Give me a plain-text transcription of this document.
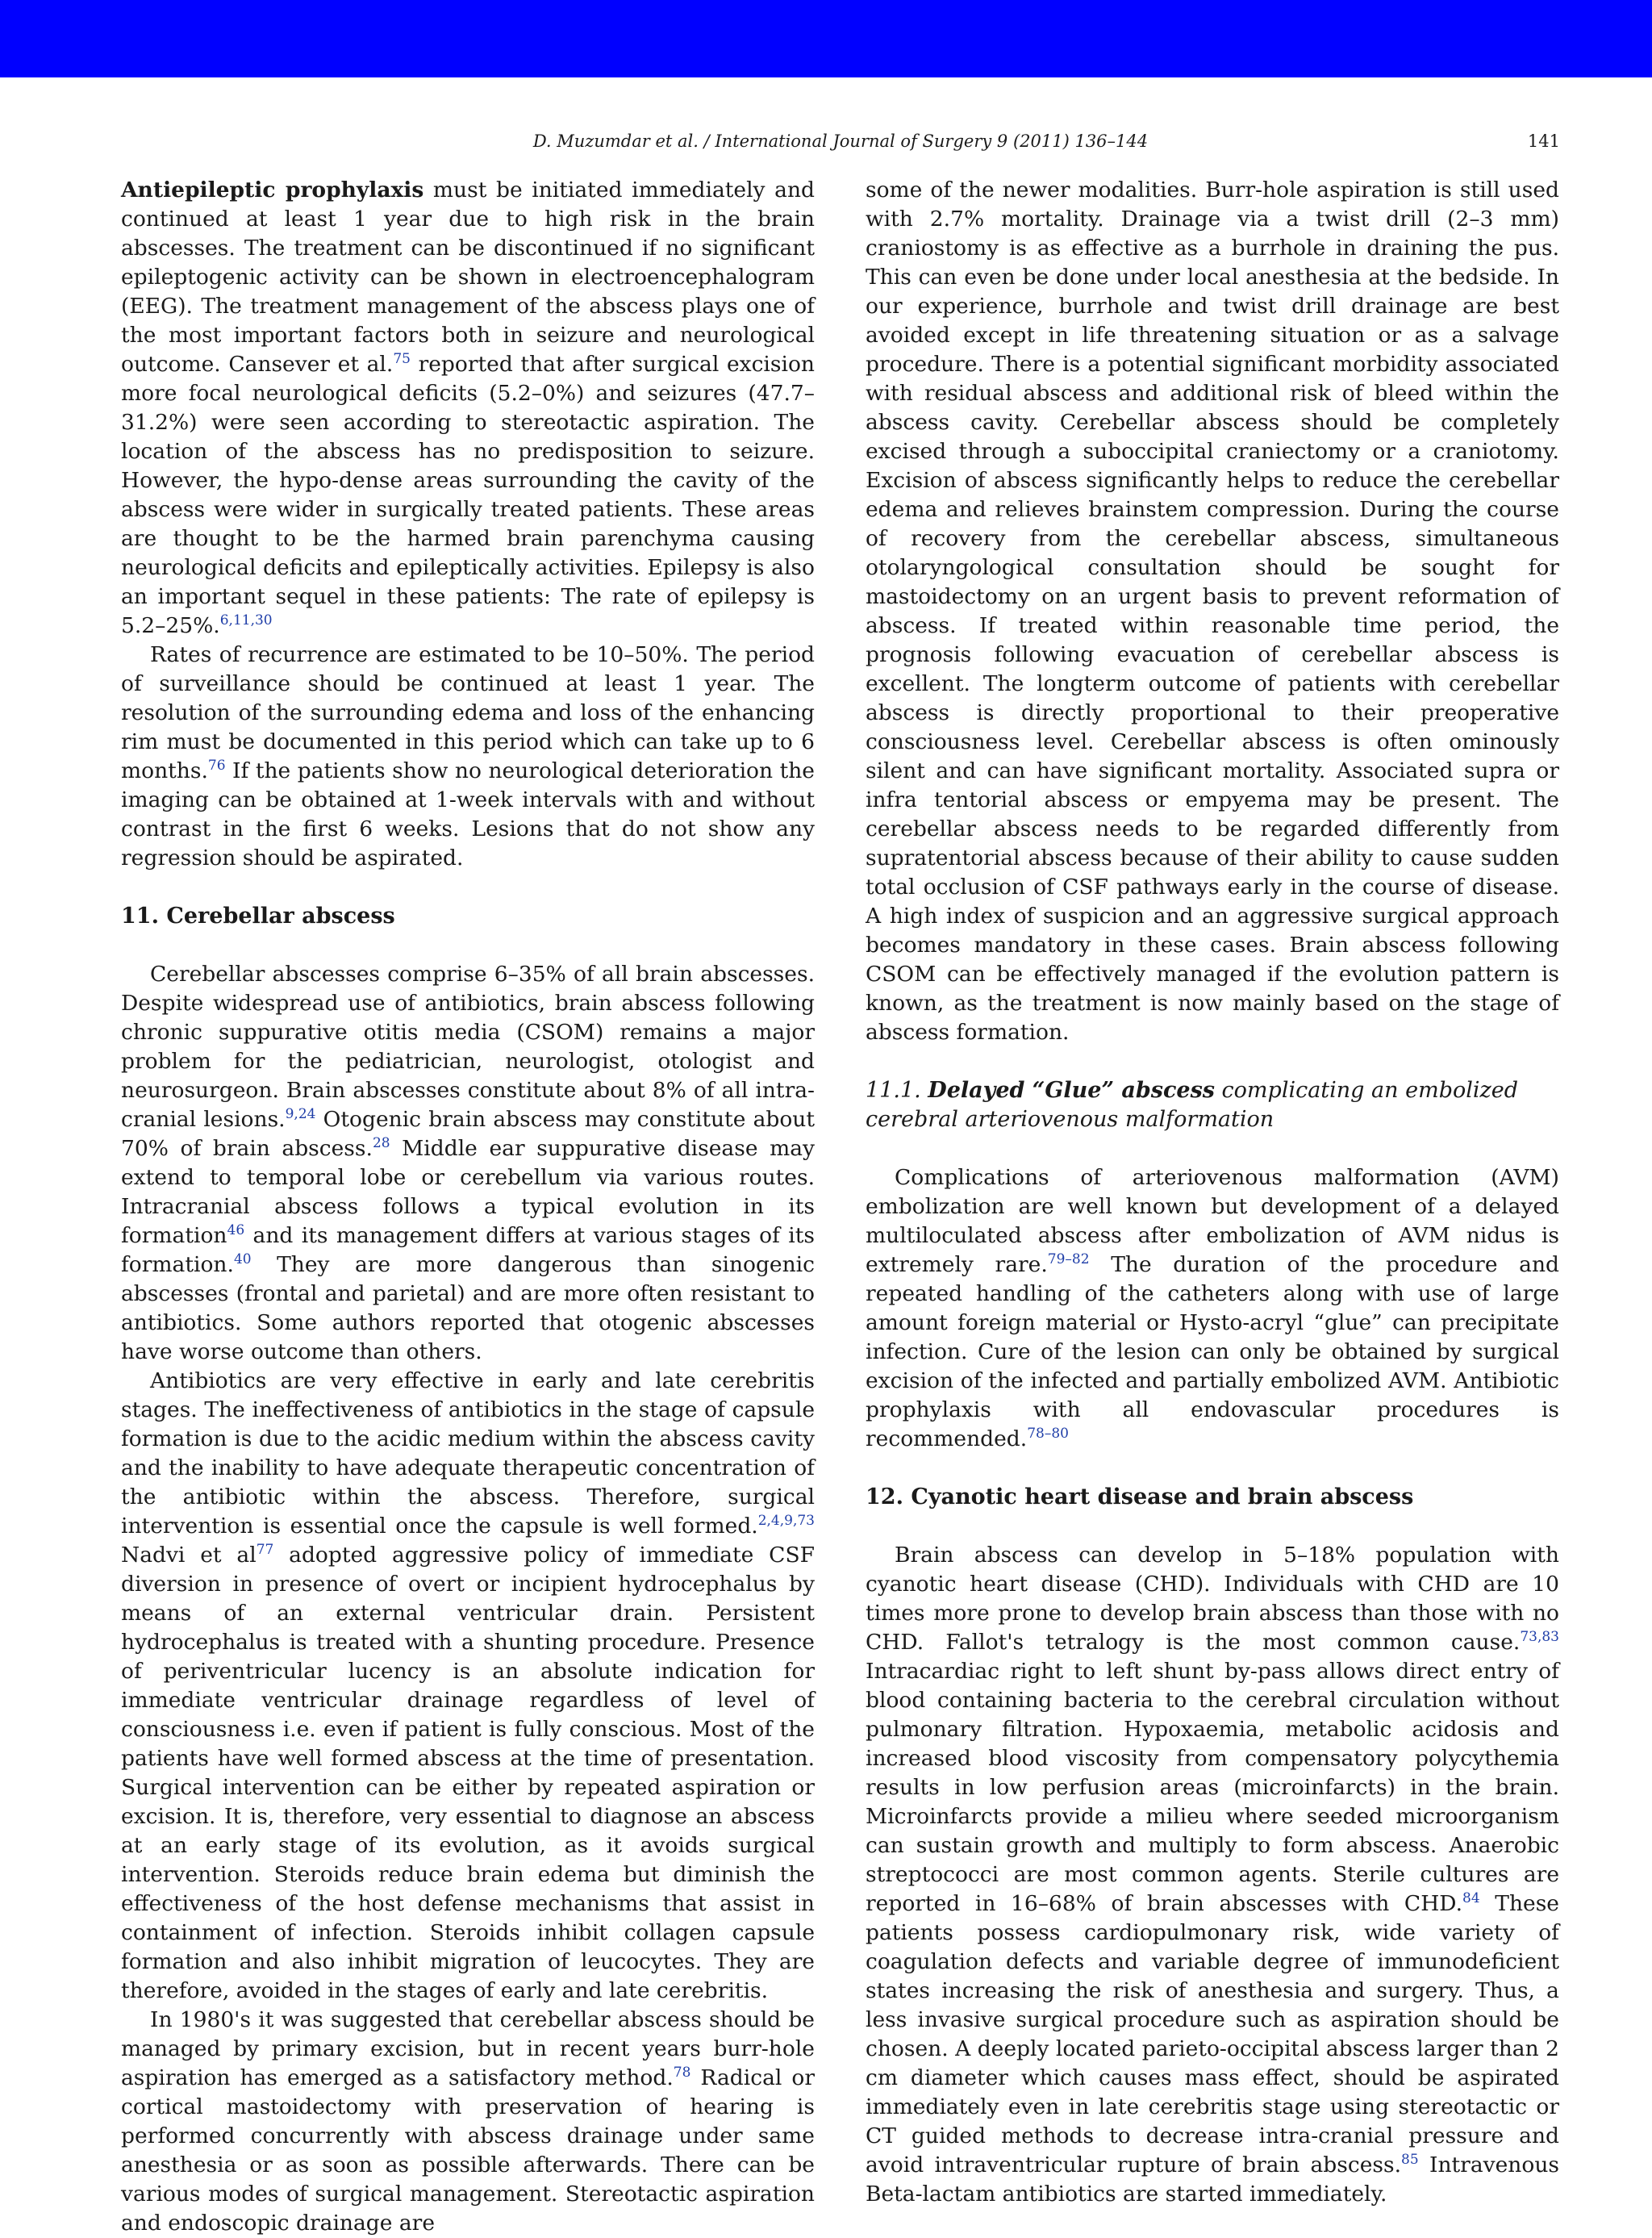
D. Muzumdar et al. / International Journal of Surgery 9 (2011) 136–144	141

Antiepileptic prophylaxis must be initiated immediately and continued at least 1 year due to high risk in the brain abscesses. The treatment can be discontinued if no significant epileptogenic activity can be shown in electroencephalogram (EEG). The treatment management of the abscess plays one of the most important factors both in seizure and neurological outcome. Cansever et al.$^{75}$ reported that after surgical excision more focal neurological deficits (5.2–0%) and seizures (47.7–31.2%) were seen according to stereotactic aspiration. The location of the abscess has no predisposition to seizure. However, the hypo-dense areas surrounding the cavity of the abscess were wider in surgically treated patients. These areas are thought to be the harmed brain parenchyma causing neurological deficits and epileptically activities. Epilepsy is also an important sequel in these patients: The rate of epilepsy is 5.2–25%.$^{6,11,30}$

Rates of recurrence are estimated to be 10–50%. The period of surveillance should be continued at least 1 year. The resolution of the surrounding edema and loss of the enhancing rim must be documented in this period which can take up to 6 months.$^{76}$ If the patients show no neurological deterioration the imaging can be obtained at 1-week intervals with and without contrast in the first 6 weeks. Lesions that do not show any regression should be aspirated.

11. Cerebellar abscess

Cerebellar abscesses comprise 6–35% of all brain abscesses. Despite widespread use of antibiotics, brain abscess following chronic suppurative otitis media (CSOM) remains a major problem for the pediatrician, neurologist, otologist and neurosurgeon. Brain abscesses constitute about 8% of all intra-cranial lesions.$^{9,24}$ Otogenic brain abscess may constitute about 70% of brain abscess.$^{28}$ Middle ear suppurative disease may extend to temporal lobe or cerebellum via various routes. Intracranial abscess follows a typical evolution in its formation$^{46}$ and its management differs at various stages of its formation.$^{40}$ They are more dangerous than sinogenic abscesses (frontal and parietal) and are more often resistant to antibiotics. Some authors reported that otogenic abscesses have worse outcome than others.

Antibiotics are very effective in early and late cerebritis stages. The ineffectiveness of antibiotics in the stage of capsule formation is due to the acidic medium within the abscess cavity and the inability to have adequate therapeutic concentration of the antibiotic within the abscess. Therefore, surgical intervention is essential once the capsule is well formed.$^{2,4,9,73}$ Nadvi et al$^{77}$ adopted aggressive policy of immediate CSF diversion in presence of overt or incipient hydrocephalus by means of an external ventricular drain. Persistent hydrocephalus is treated with a shunting procedure. Presence of periventricular lucency is an absolute indication for immediate ventricular drainage regardless of level of consciousness i.e. even if patient is fully conscious. Most of the patients have well formed abscess at the time of presentation. Surgical intervention can be either by repeated aspiration or excision. It is, therefore, very essential to diagnose an abscess at an early stage of its evolution, as it avoids surgical intervention. Steroids reduce brain edema but diminish the effectiveness of the host defense mechanisms that assist in containment of infection. Steroids inhibit collagen capsule formation and also inhibit migration of leucocytes. They are therefore, avoided in the stages of early and late cerebritis.

In 1980's it was suggested that cerebellar abscess should be managed by primary excision, but in recent years burr-hole aspiration has emerged as a satisfactory method.$^{78}$ Radical or cortical mastoidectomy with preservation of hearing is performed concurrently with abscess drainage under same anesthesia or as soon as possible afterwards. There can be various modes of surgical management. Stereotactic aspiration and endoscopic drainage are

some of the newer modalities. Burr-hole aspiration is still used with 2.7% mortality. Drainage via a twist drill (2–3 mm) craniostomy is as effective as a burrhole in draining the pus. This can even be done under local anesthesia at the bedside. In our experience, burrhole and twist drill drainage are best avoided except in life threatening situation or as a salvage procedure. There is a potential significant morbidity associated with residual abscess and additional risk of bleed within the abscess cavity. Cerebellar abscess should be completely excised through a suboccipital craniectomy or a craniotomy. Excision of abscess significantly helps to reduce the cerebellar edema and relieves brainstem compression. During the course of recovery from the cerebellar abscess, simultaneous otolaryngological consultation should be sought for mastoidectomy on an urgent basis to prevent reformation of abscess. If treated within reasonable time period, the prognosis following evacuation of cerebellar abscess is excellent. The longterm outcome of patients with cerebellar abscess is directly proportional to their preoperative consciousness level. Cerebellar abscess is often ominously silent and can have significant mortality. Associated supra or infra tentorial abscess or empyema may be present. The cerebellar abscess needs to be regarded differently from supratentorial abscess because of their ability to cause sudden total occlusion of CSF pathways early in the course of disease. A high index of suspicion and an aggressive surgical approach becomes mandatory in these cases. Brain abscess following CSOM can be effectively managed if the evolution pattern is known, as the treatment is now mainly based on the stage of abscess formation.

11.1. Delayed “Glue” abscess complicating an embolized cerebral arteriovenous malformation

Complications of arteriovenous malformation (AVM) embolization are well known but development of a delayed multiloculated abscess after embolization of AVM nidus is extremely rare.$^{79-82}$ The duration of the procedure and repeated handling of the catheters along with use of large amount foreign material or Hysto-acryl “glue” can precipitate infection. Cure of the lesion can only be obtained by surgical excision of the infected and partially embolized AVM. Antibiotic prophylaxis with all endovascular procedures is recommended.$^{78-80}$

12. Cyanotic heart disease and brain abscess

Brain abscess can develop in 5–18% population with cyanotic heart disease (CHD). Individuals with CHD are 10 times more prone to develop brain abscess than those with no CHD. Fallot's tetralogy is the most common cause.$^{73,83}$ Intracardiac right to left shunt by-pass allows direct entry of blood containing bacteria to the cerebral circulation without pulmonary filtration. Hypoxaemia, metabolic acidosis and increased blood viscosity from compensatory polycythemia results in low perfusion areas (microinfarcts) in the brain. Microinfarcts provide a milieu where seeded microorganism can sustain growth and multiply to form abscess. Anaerobic streptococci are most common agents. Sterile cultures are reported in 16–68% of brain abscesses with CHD.$^{84}$ These patients possess cardiopulmonary risk, wide variety of coagulation defects and variable degree of immunodeficient states increasing the risk of anesthesia and surgery. Thus, a less invasive surgical procedure such as aspiration should be chosen. A deeply located parieto-occipital abscess larger than 2 cm diameter which causes mass effect, should be aspirated immediately even in late cerebritis stage using stereotactic or CT guided methods to decrease intra-cranial pressure and avoid intraventricular rupture of brain abscess.$^{85}$ Intravenous Beta-lactam antibiotics are started immediately.
